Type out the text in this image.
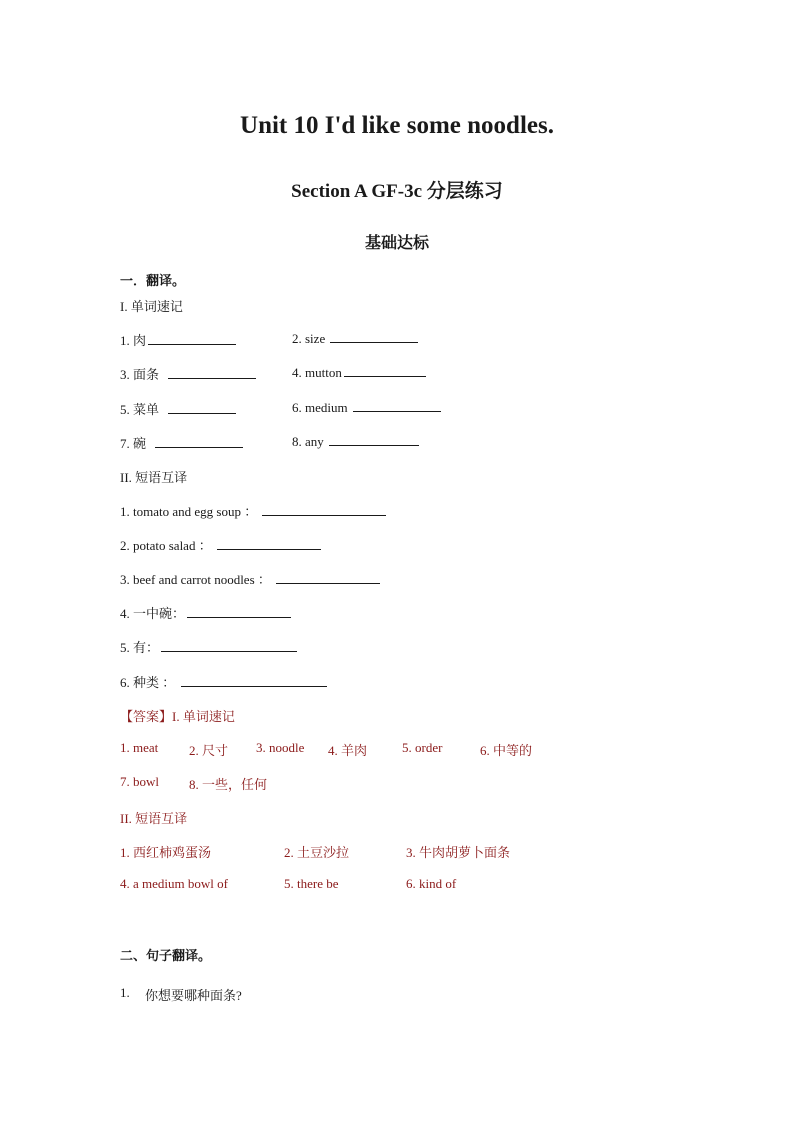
Unit 10 I'd like some noodles.
Section A GF-3c 分层练习
基础达标
一．翻译。
I. 单词速记
1. 肉	2. size
3. 面条	4. mutton
5. 菜单	6. medium
7. 碗	8. any
II. 短语互译
1. tomato and egg soup ：
2. potato salad ：
3. beef and carrot noodles ：
4. 一中碗：
5. 有：
6. 种类 ：
【答案】I. 单词速记
1. meat 2. 尺寸 3. noodle 4. 羊肉	5. order	6. 中等的
7. bowl 8. 一些，任何
II. 短语互译
1. 西红柿鸡蛋汤	2. 土豆沙拉	3. 牛肉胡萝卜面条
4. a medium bowl of	5. there be	6. kind of
二、句子翻译。
1. 你想要哪种面条?
